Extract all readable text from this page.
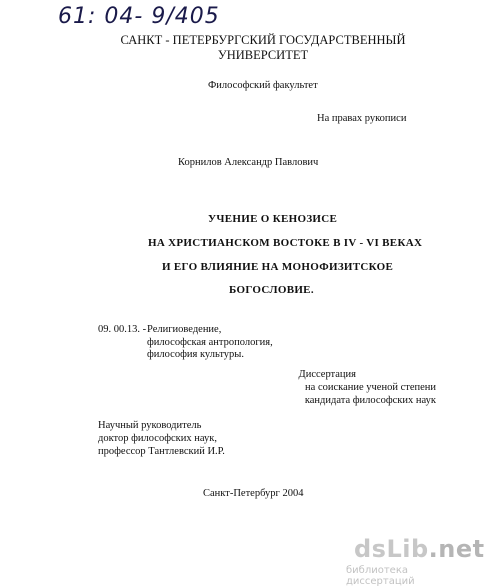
61: 04- 9/405
САНКТ - ПЕТЕРБУРГСКИЙ ГОСУДАРСТВЕННЫЙ
УНИВЕРСИТЕТ
Философский факультет
На правах рукописи
Корнилов Александр Павлович
УЧЕНИЕ О КЕНОЗИСЕ
НА ХРИСТИАНСКОМ ВОСТОКЕ В IV - VI ВЕКАХ
И ЕГО ВЛИЯНИЕ НА МОНОФИЗИТСКОЕ
БОГОСЛОВИЕ.
09. 00.13. - Религиоведение,
философская антропология,
философия культуры.
Диссертация
на соискание ученой степени
кандидата философских наук
Научный руководитель
доктор философских наук,
профессор Тантлевский И.Р.
Санкт-Петербург 2004
dsLib.net
библиотека диссертаций
